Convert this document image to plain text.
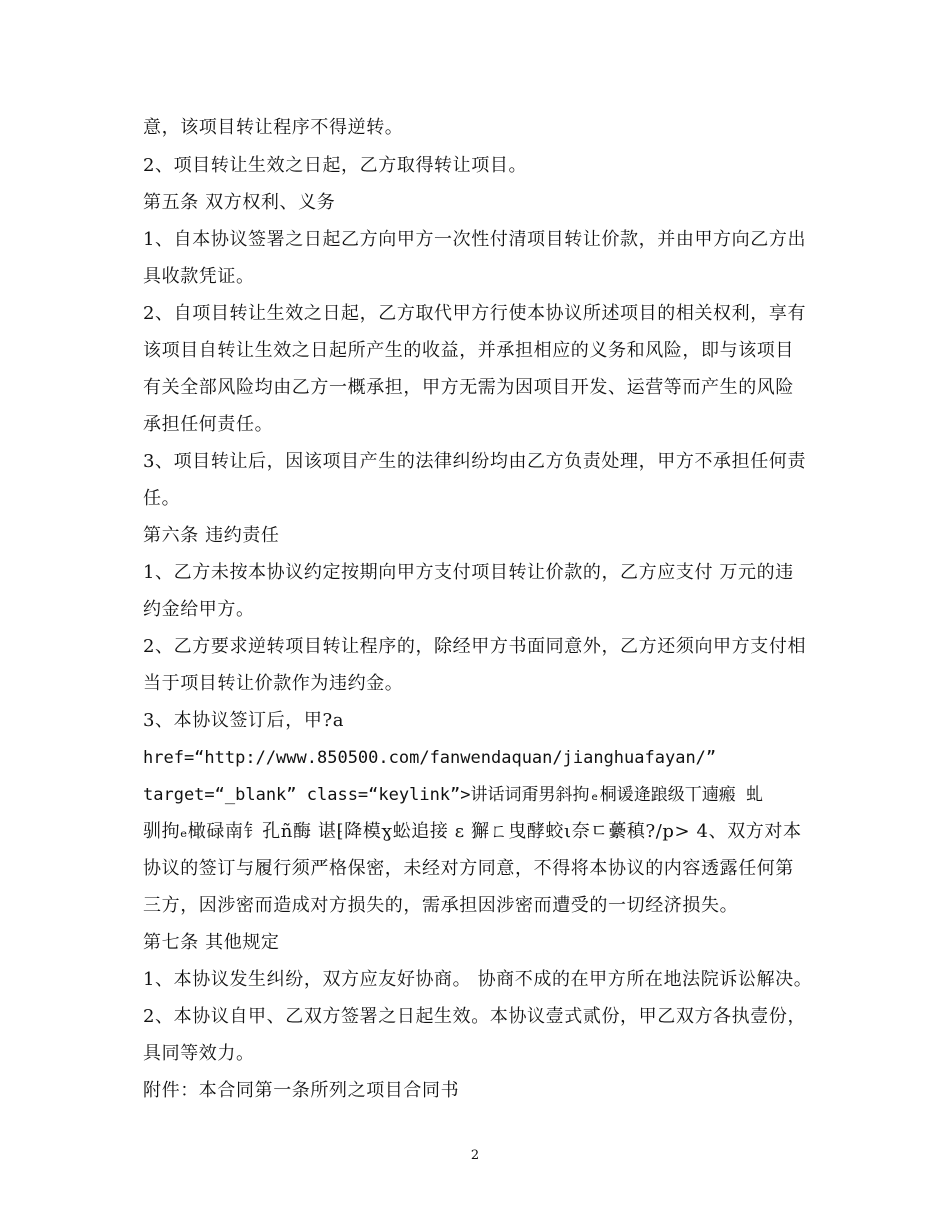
意，该项目转让程序不得逆转。
2、项目转让生效之日起，乙方取得转让项目。
第五条 双方权利、义务
1、自本协议签署之日起乙方向甲方一次性付清项目转让价款，并由甲方向乙方出
具收款凭证。
2、自项目转让生效之日起，乙方取代甲方行使本协议所述项目的相关权利，享有
该项目自转让生效之日起所产生的收益，并承担相应的义务和风险，即与该项目
有关全部风险均由乙方一概承担，甲方无需为因项目开发、运营等而产生的风险
承担任何责任。
3、项目转让后，因该项目产生的法律纠纷均由乙方负责处理，甲方不承担任何责
任。
第六条 违约责任
1、乙方未按本协议约定按期向甲方支付项目转让价款的，乙方应支付 万元的违
约金给甲方。
2、乙方要求逆转项目转让程序的，除经甲方书面同意外，乙方还须向甲方支付相
当于项目转让价款作为违约金。
3、本协议签订后，甲?a
href=“http://www.850500.com/fanwendaquan/jianghuafayan/”
target=“_blank” class=“keylink”>讲话词甭男斜拘ₑ桐谖逄踉级丅遖瘢 虬
驯拘ₑ橄碌南钅孔ñ酶 谌⁅降模ɣ蚣追接 ε 獬ㄈ曳酵蛟ι奈ㄷ虆稹?/p> 4、双方对本
协议的签订与履行须严格保密，未经对方同意，不得将本协议的内容透露任何第
三方，因涉密而造成对方损失的，需承担因涉密而遭受的一切经济损失。
第七条 其他规定
1、本协议发生纠纷，双方应友好协商。 协商不成的在甲方所在地法院诉讼解决。
2、本协议自甲、乙双方签署之日起生效。本协议壹式贰份，甲乙双方各执壹份，
具同等效力。
附件：本合同第一条所列之项目合同书
2
